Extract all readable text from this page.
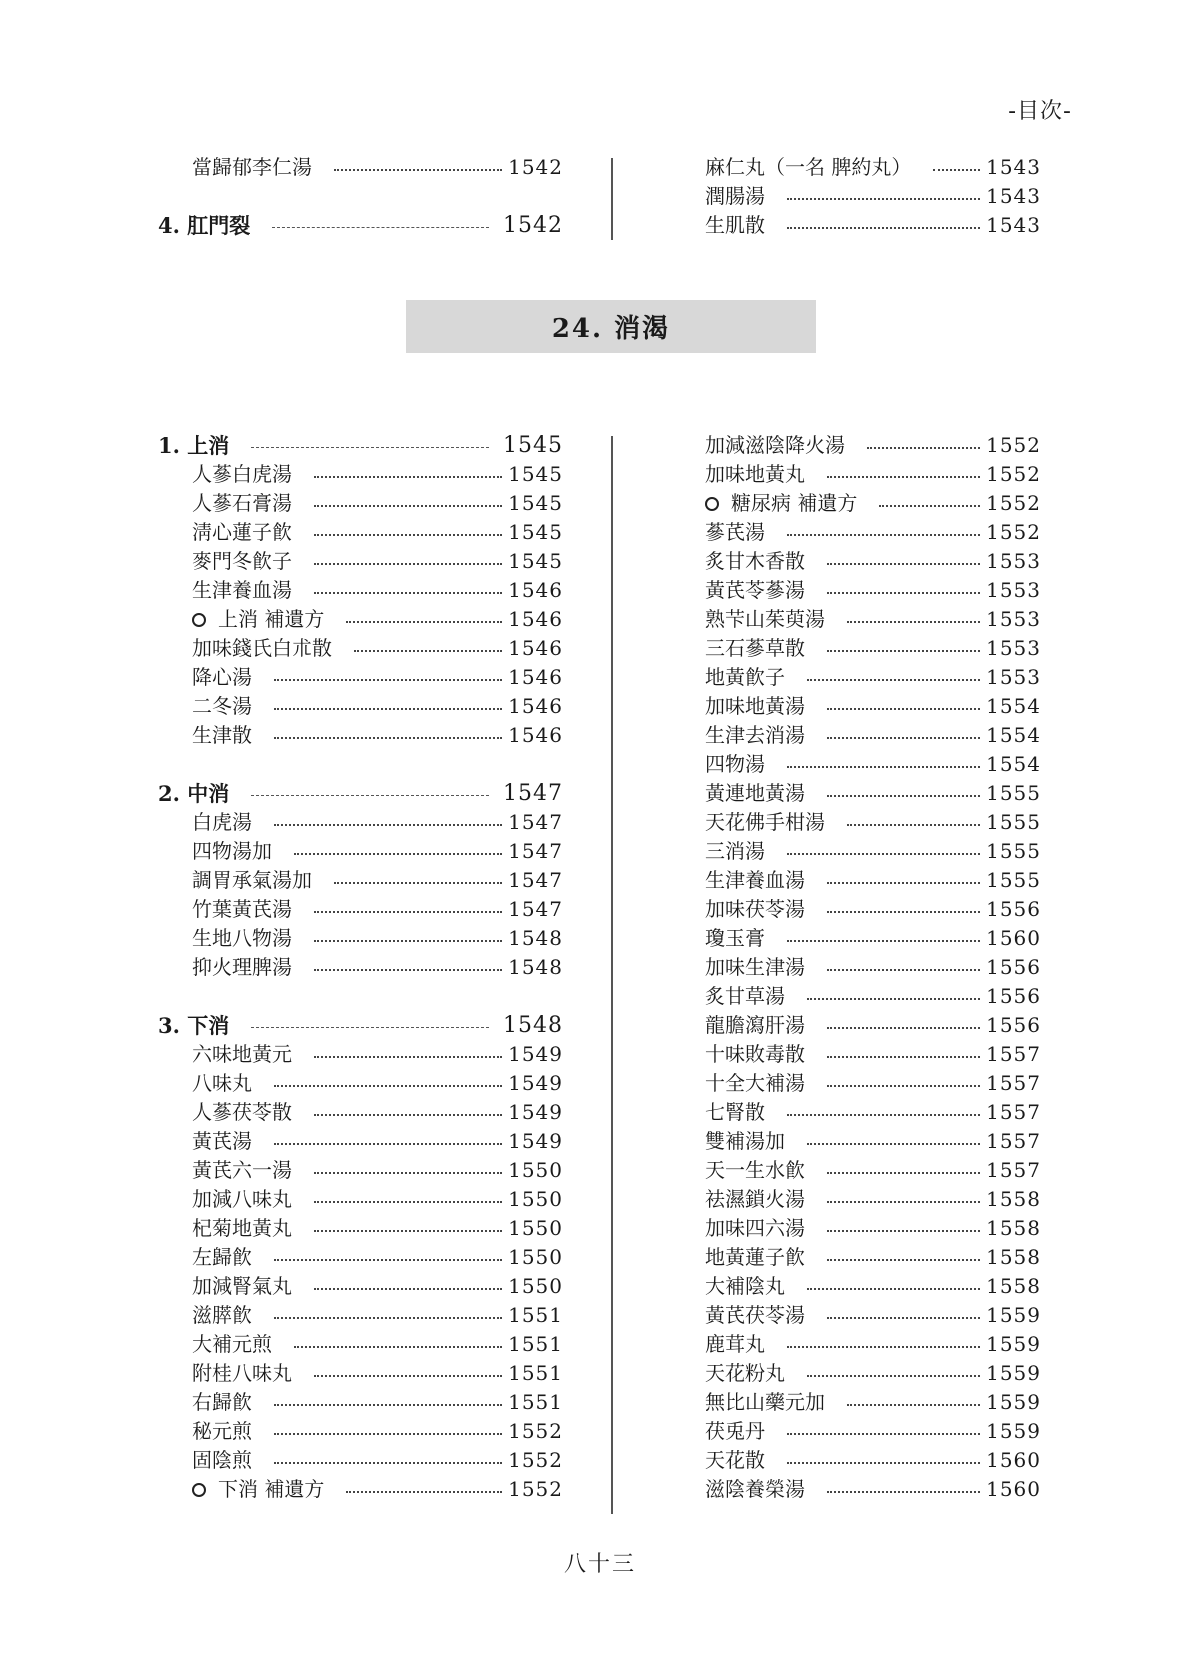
-目次-
當歸郁李仁湯	1542
4. 肛門裂	1542
麻仁丸（一名 脾約丸）	1543
潤腸湯	1543
生肌散	1543
24. 消渴
1. 上消	1545
人蔘白虎湯	1545
人蔘石膏湯	1545
淸心蓮子飮	1545
麥門冬飮子	1545
生津養血湯	1546
上消 補遺方	1546
加味錢氏白朮散	1546
降心湯	1546
二冬湯	1546
生津散	1546
2. 中消	1547
白虎湯	1547
四物湯加	1547
調胃承氣湯加	1547
竹葉黃芪湯	1547
生地八物湯	1548
抑火理脾湯	1548
3. 下消	1548
六味地黃元	1549
八味丸	1549
人蔘茯苓散	1549
黃芪湯	1549
黃芪六一湯	1550
加減八味丸	1550
杞菊地黃丸	1550
左歸飮	1550
加減腎氣丸	1550
滋膵飮	1551
大補元煎	1551
附桂八味丸	1551
右歸飮	1551
秘元煎	1552
固陰煎	1552
下消 補遺方	1552
加減滋陰降火湯	1552
加味地黃丸	1552
糖尿病 補遺方	1552
蔘芪湯	1552
炙甘木香散	1553
黃芪苓蔘湯	1553
熟芐山茱萸湯	1553
三石蔘草散	1553
地黃飮子	1553
加味地黃湯	1554
生津去消湯	1554
四物湯	1554
黃連地黃湯	1555
天花佛手柑湯	1555
三消湯	1555
生津養血湯	1555
加味茯苓湯	1556
瓊玉膏	1560
加味生津湯	1556
炙甘草湯	1556
龍膽瀉肝湯	1556
十味敗毒散	1557
十全大補湯	1557
七腎散	1557
雙補湯加	1557
天一生水飮	1557
祛濕鎖火湯	1558
加味四六湯	1558
地黃蓮子飮	1558
大補陰丸	1558
黃芪茯苓湯	1559
鹿茸丸	1559
天花粉丸	1559
無比山藥元加	1559
茯兎丹	1559
天花散	1560
滋陰養榮湯	1560
八十三
